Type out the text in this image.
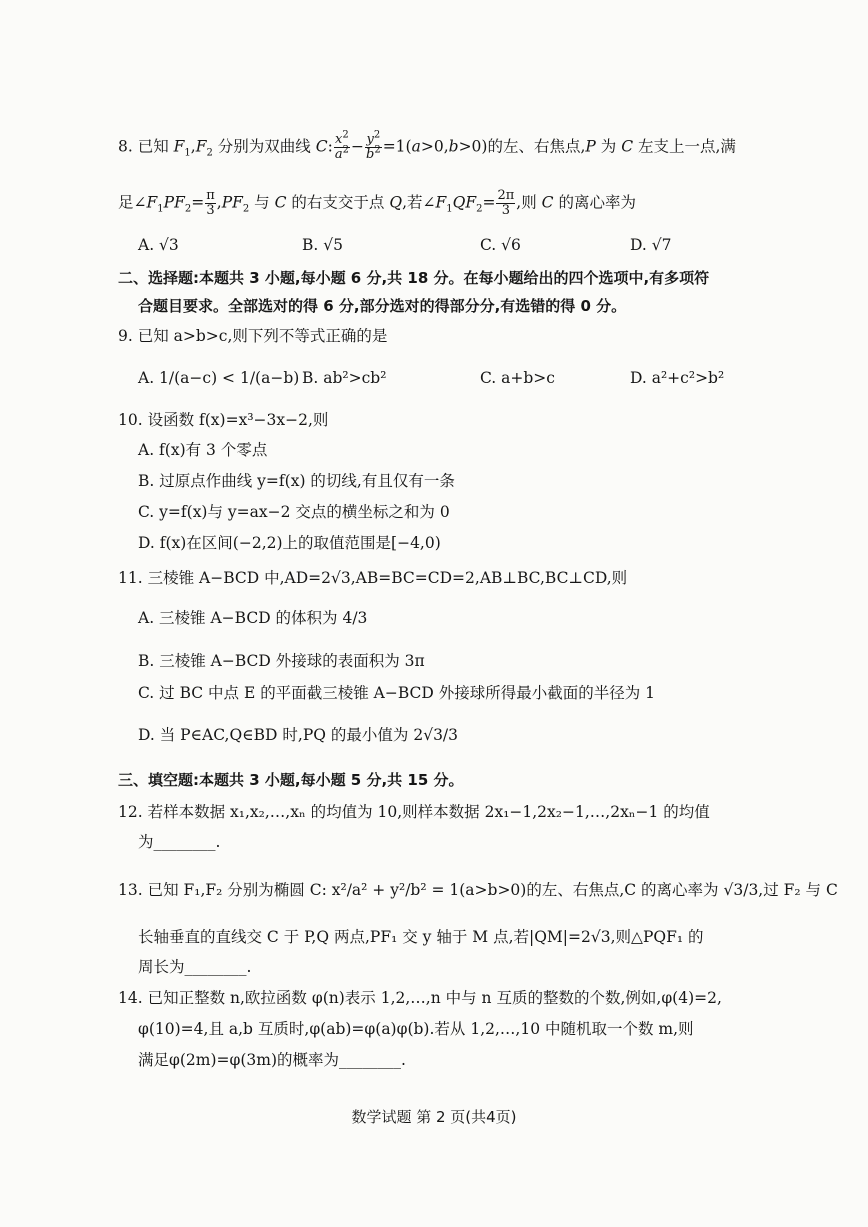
8. 已知 $F_1,F_2$ 分别为双曲线 C: $\frac{x^2}{a^2} - \frac{y^2}{b^2} =1(a>0,b>0)$的左、右焦点,P 为 C 左支上一点,满
足$\angle F_1PF_2= \frac{\pi}{3} ,PF_2$ 与 C 的右支交于点 Q,若$\angle F_1QF_2= \frac{2\pi}{3}$ ,则 C 的离心率为
A. √3	B. √5	C. √6	D. √7
二、选择题:本题共 3 小题,每小题 6 分,共 18 分。在每小题给出的四个选项中,有多项符
合题目要求。全部选对的得 6 分,部分选对的得部分分,有选错的得 0 分。
9. 已知 a>b>c,则下列不等式正确的是
A. 1/(a−c) < 1/(a−b) B. ab²>cb²	C. a+b>c	D. a²+c²>b²
10. 设函数 f(x)=x³−3x−2,则
A. f(x)有 3 个零点
B. 过原点作曲线 y=f(x) 的切线,有且仅有一条
C. y=f(x)与 y=ax−2 交点的横坐标之和为 0
D. f(x)在区间(−2,2)上的取值范围是[−4,0)
11. 三棱锥 A−BCD 中,AD=2√3,AB=BC=CD=2,AB⊥BC,BC⊥CD,则
A. 三棱锥 A−BCD 的体积为 4/3
B. 三棱锥 A−BCD 外接球的表面积为 3π
C. 过 BC 中点 E 的平面截三棱锥 A−BCD 外接球所得最小截面的半径为 1
D. 当 P∈AC,Q∈BD 时,PQ 的最小值为 2√3/3
三、填空题:本题共 3 小题,每小题 5 分,共 15 分。
12. 若样本数据 x₁,x₂,…,xₙ 的均值为 10,则样本数据 2x₁−1,2x₂−1,…,2xₙ−1 的均值
为________.
13. 已知 F₁,F₂ 分别为椭圆 C: x²/a² + y²/b² = 1(a>b>0)的左、右焦点,C 的离心率为 √3/3,过 F₂ 与 C
长轴垂直的直线交 C 于 P,Q 两点,PF₁ 交 y 轴于 M 点,若|QM|=2√3,则△PQF₁ 的
周长为________.
14. 已知正整数 n,欧拉函数 φ(n)表示 1,2,…,n 中与 n 互质的整数的个数,例如,φ(4)=2,
φ(10)=4,且 a,b 互质时,φ(ab)=φ(a)φ(b).若从 1,2,…,10 中随机取一个数 m,则
满足φ(2m)=φ(3m)的概率为________.
数学试题 第 2 页(共4页)
